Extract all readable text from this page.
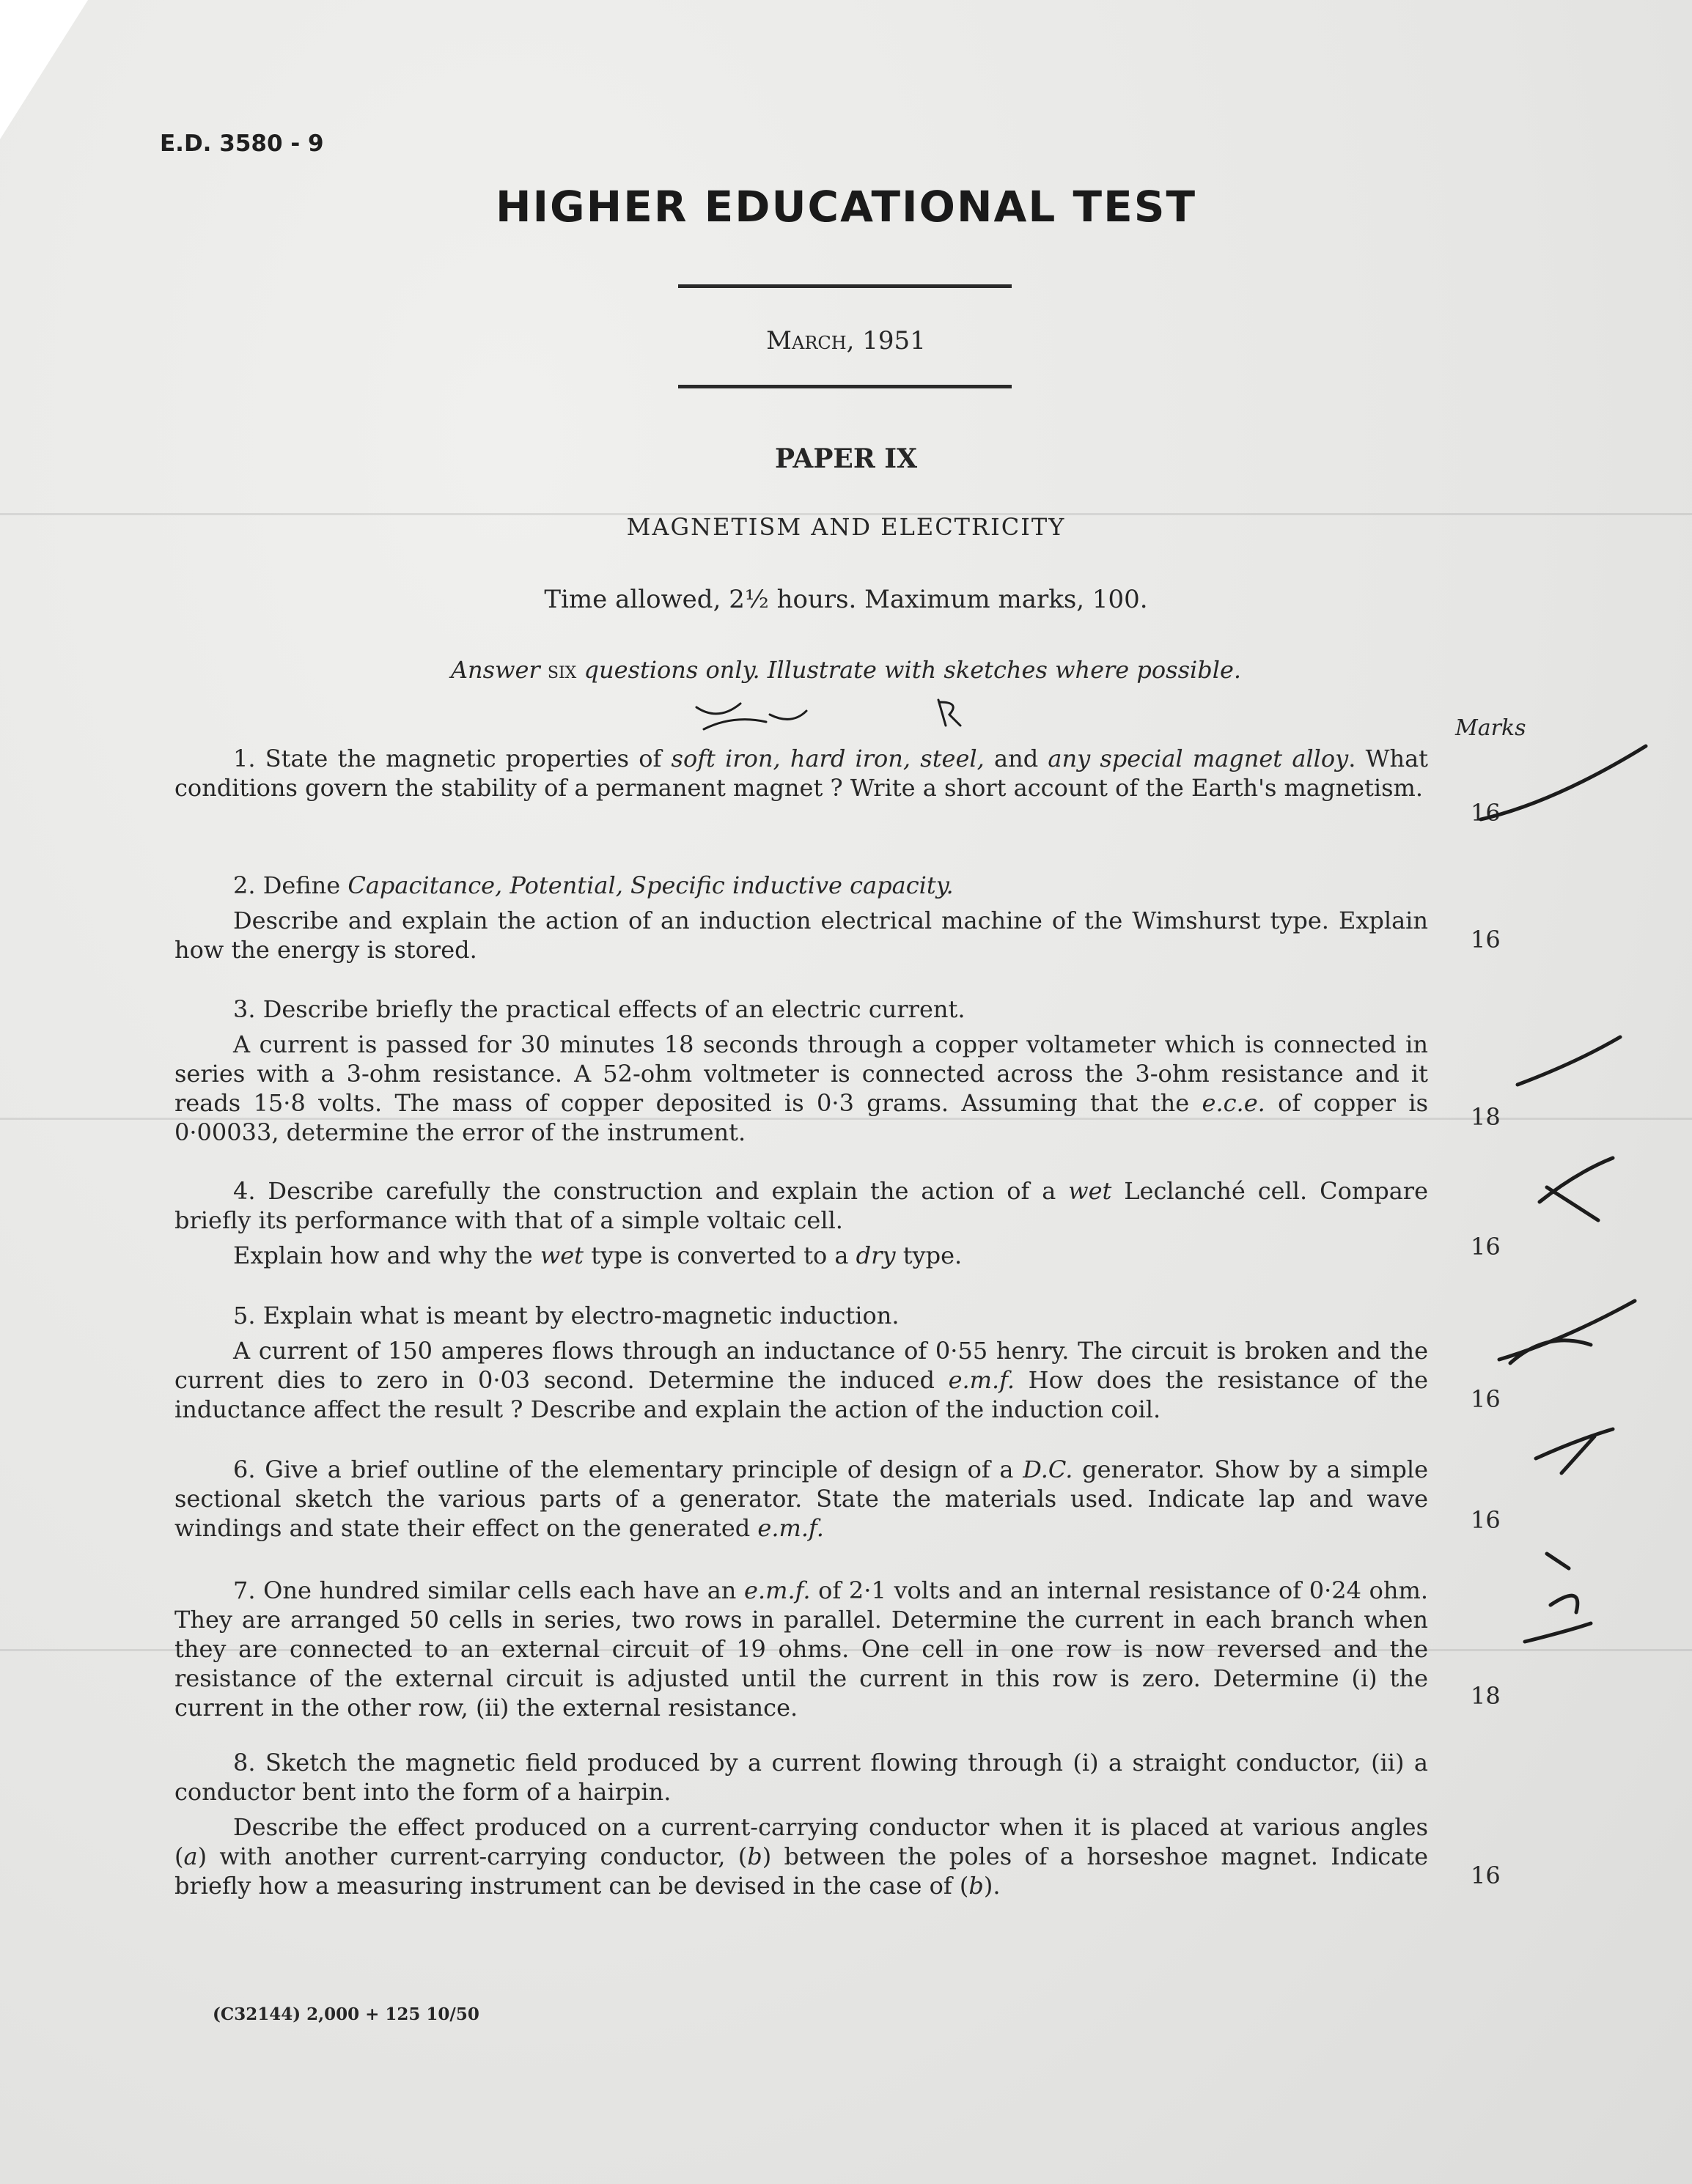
E.D. 3580 - 9
HIGHER EDUCATIONAL TEST
March, 1951
PAPER IX
MAGNETISM AND ELECTRICITY
Time allowed, 2½ hours. Maximum marks, 100.
Answer six questions only. Illustrate with sketches where possible.
Marks

1. State the magnetic properties of soft iron, hard iron, steel, and any special magnet alloy. What conditions govern the stability of a permanent magnet ? Write a short account of the Earth's magnetism.

16

2. Define Capacitance, Potential, Specific inductive capacity.

Describe and explain the action of an induction electrical machine of the Wimshurst type. Explain how the energy is stored.	16

3. Describe briefly the practical effects of an electric current.

A current is passed for 30 minutes 18 seconds through a copper voltameter which is connected in series with a 3-ohm resistance. A 52-ohm voltmeter is connected across the 3-ohm resistance and it reads 15·8 volts. The mass of copper deposited is 0·3 grams. Assuming that the e.c.e. of copper is 0·00033, determine the error of the instrument.

18

4. Describe carefully the construction and explain the action of a wet Leclanché cell. Compare briefly its performance with that of a simple voltaic cell.

Explain how and why the wet type is converted to a dry type.	16

5. Explain what is meant by electro-magnetic induction.

A current of 150 amperes flows through an inductance of 0·55 henry. The circuit is broken and the current dies to zero in 0·03 second. Determine the induced e.m.f. How does the resistance of the inductance affect the result ? Describe and explain the action of the induction coil.	16

6. Give a brief outline of the elementary principle of design of a D.C. generator. Show by a simple sectional sketch the various parts of a generator. State the materials used. Indicate lap and wave windings and state their effect on the generated e.m.f.	16

7. One hundred similar cells each have an e.m.f. of 2·1 volts and an internal resistance of 0·24 ohm. They are arranged 50 cells in series, two rows in parallel. Determine the current in each branch when they are connected to an external circuit of 19 ohms. One cell in one row is now reversed and the resistance of the external circuit is adjusted until the current in this row is zero. Determine (i) the current in the other row, (ii) the external resistance.	18

8. Sketch the magnetic field produced by a current flowing through (i) a straight conductor, (ii) a conductor bent into the form of a hairpin.

Describe the effect produced on a current-carrying conductor when it is placed at various angles (a) with another current-carrying conductor, (b) between the poles of a horseshoe magnet. Indicate briefly how a measuring instrument can be devised in the case of (b).	16
(C32144) 2,000 + 125 10/50
